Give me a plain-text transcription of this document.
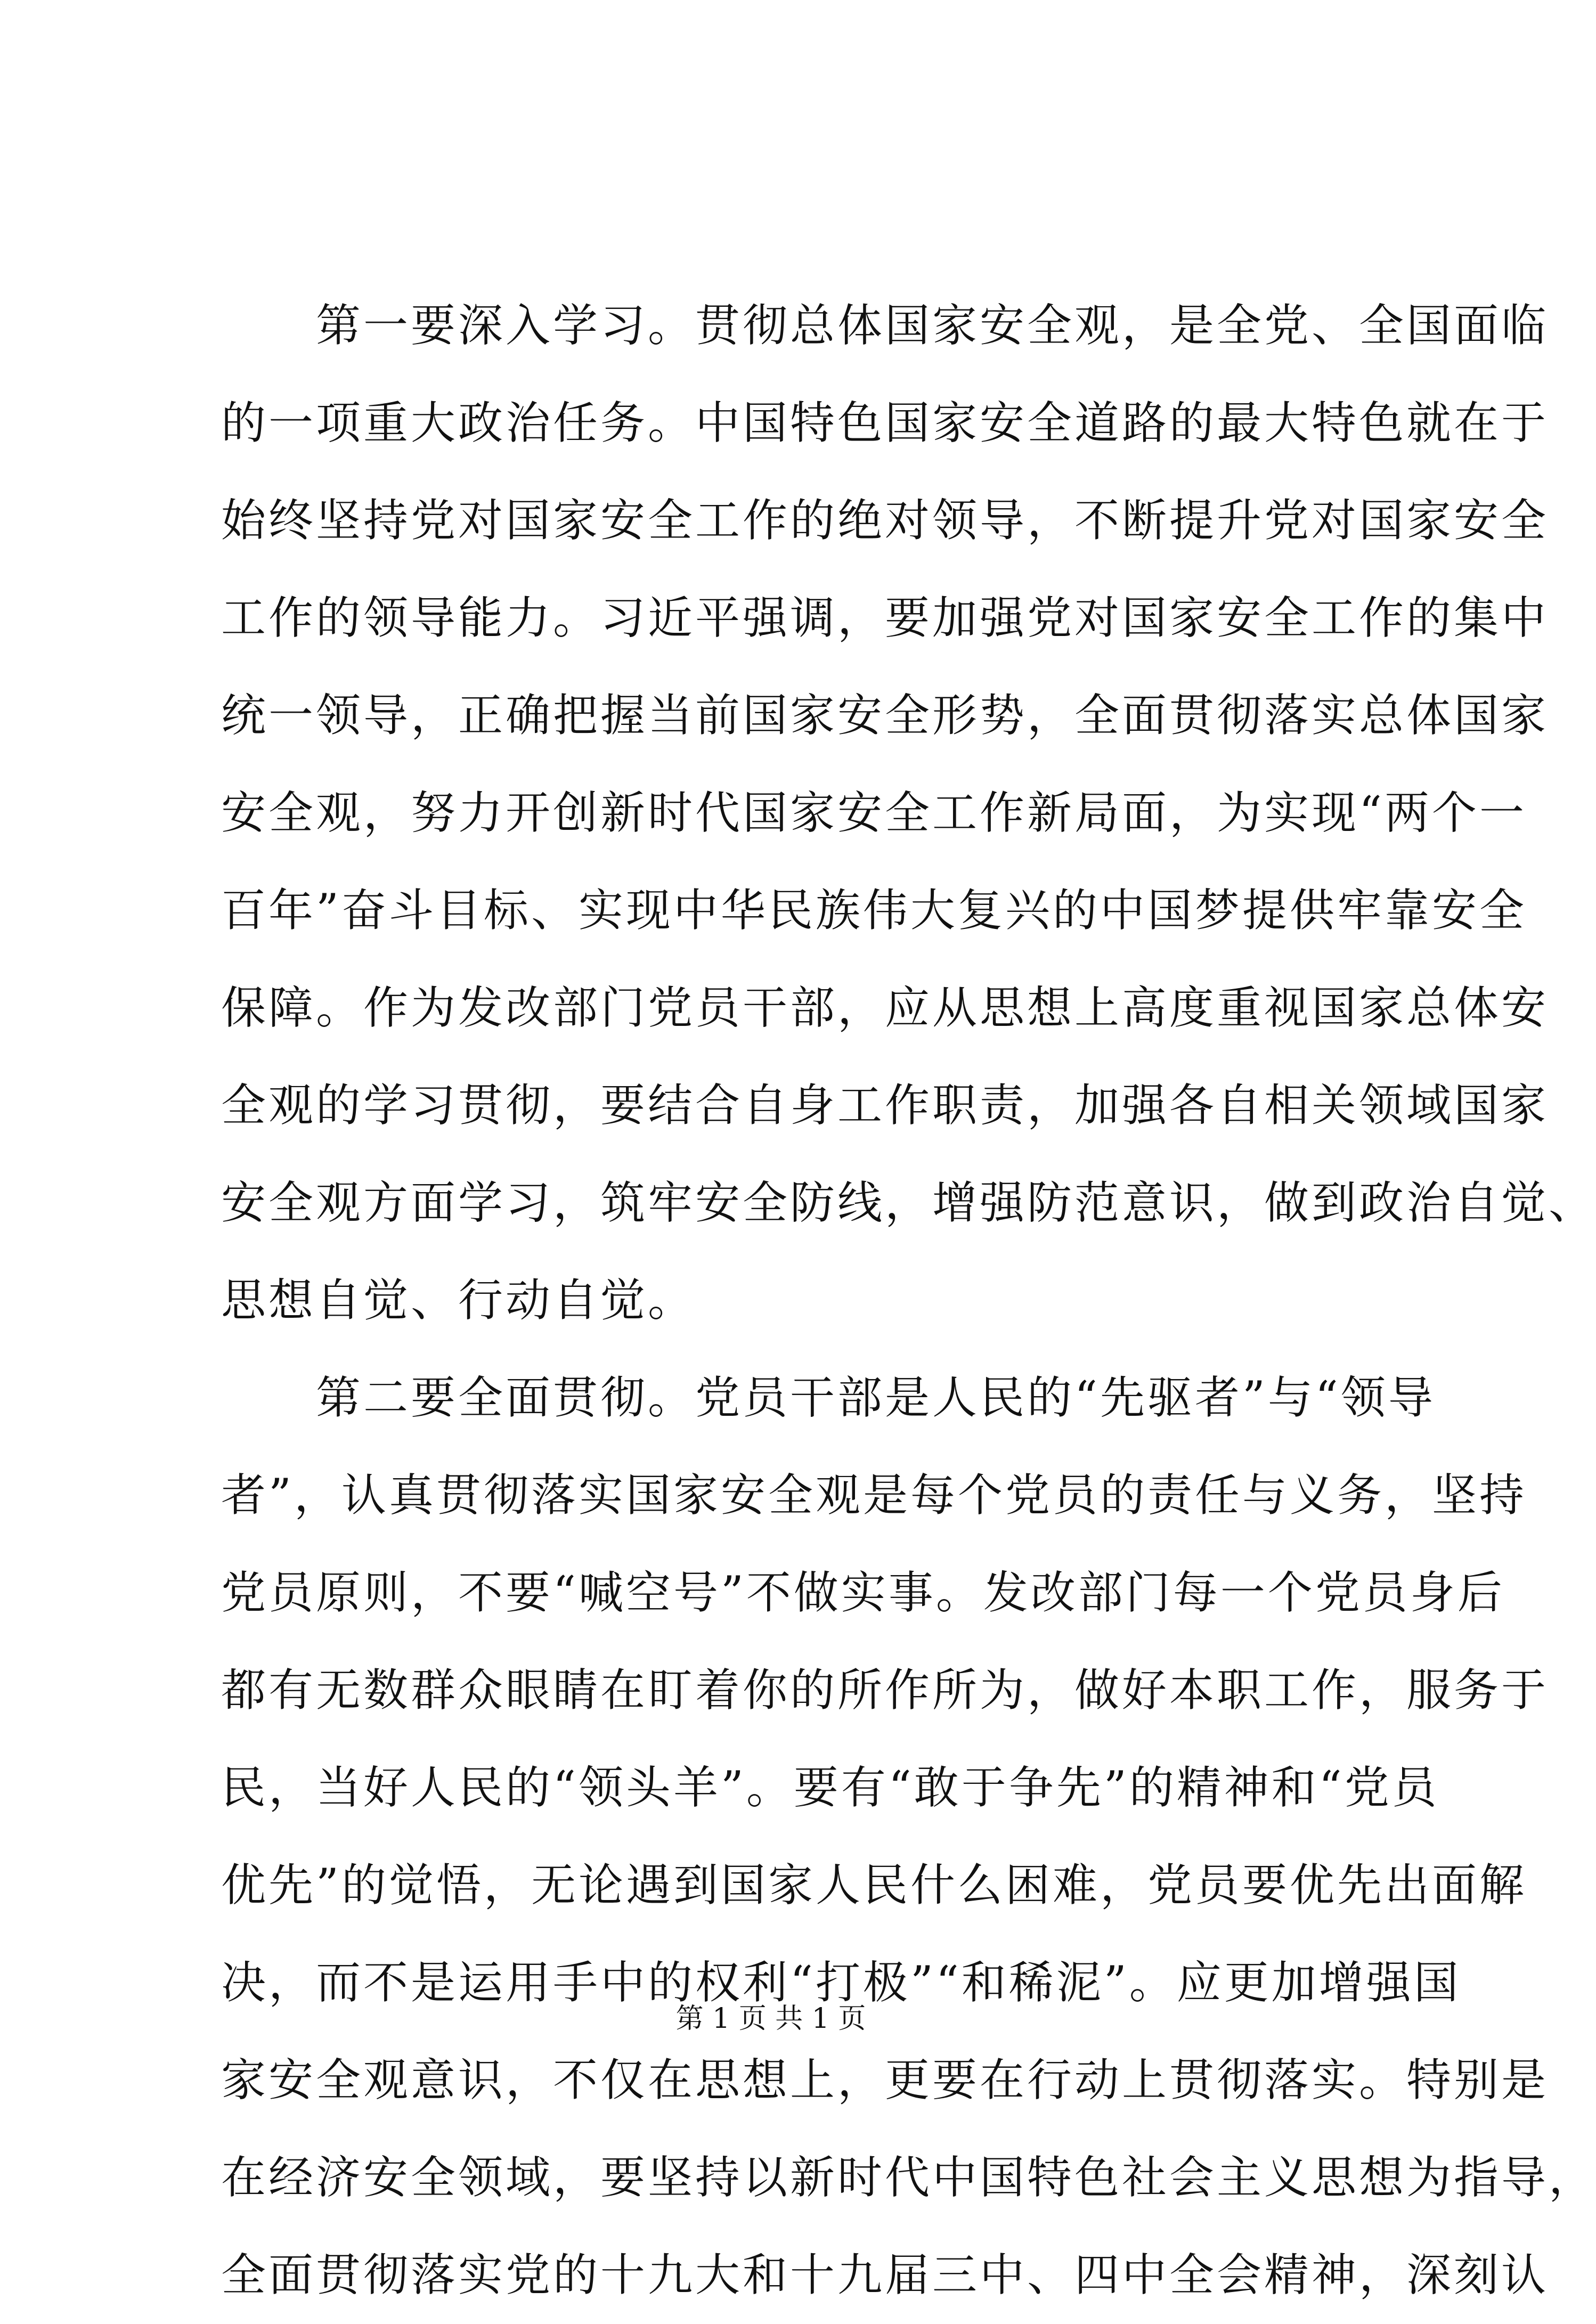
　　第一要深入学习。贯彻总体国家安全观，是全党、全国面临
的一项重大政治任务。中国特色国家安全道路的最大特色就在于
始终坚持党对国家安全工作的绝对领导，不断提升党对国家安全
工作的领导能力。习近平强调，要加强党对国家安全工作的集中
统一领导，正确把握当前国家安全形势，全面贯彻落实总体国家
安全观，努力开创新时代国家安全工作新局面，为实现“两个一
百年”奋斗目标、实现中华民族伟大复兴的中国梦提供牢靠安全
保障。作为发改部门党员干部，应从思想上高度重视国家总体安
全观的学习贯彻，要结合自身工作职责，加强各自相关领域国家
安全观方面学习，筑牢安全防线，增强防范意识，做到政治自觉、
思想自觉、行动自觉。
　　第二要全面贯彻。党员干部是人民的“先驱者”与“领导
者”，认真贯彻落实国家安全观是每个党员的责任与义务，坚持
党员原则，不要“喊空号”不做实事。发改部门每一个党员身后
都有无数群众眼睛在盯着你的所作所为，做好本职工作，服务于
民，当好人民的“领头羊”。要有“敢于争先”的精神和“党员
优先”的觉悟，无论遇到国家人民什么困难，党员要优先出面解
决，而不是运用手中的权利“打极”“和稀泥”。应更加增强国
家安全观意识，不仅在思想上，更要在行动上贯彻落实。特别是
在经济安全领域，要坚持以新时代中国特色社会主义思想为指导，
全面贯彻落实党的十九大和十九届三中、四中全会精神，深刻认
第 1 页 共 1 页
